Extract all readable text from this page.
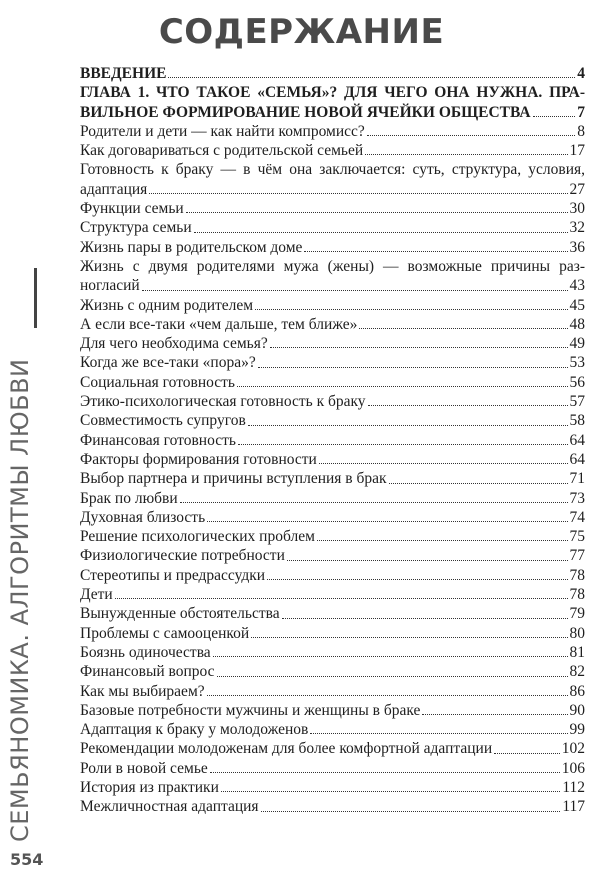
СОДЕРЖАНИЕ
СЕМЬЯНОМИКА. АЛГОРИТМЫ ЛЮБВИ
554
ВВЕДЕНИЕ	4
ГЛАВА 1. ЧТО ТАКОЕ «СЕМЬЯ»? ДЛЯ ЧЕГО ОНА НУЖНА. ПРА-
ВИЛЬНОЕ ФОРМИРОВАНИЕ НОВОЙ ЯЧЕЙКИ ОБЩЕСТВА	7
Родители и дети — как найти компромисс?	8
Как договариваться с родительской семьей	17
Готовность к браку — в чём она заключается: суть, структура, условия,
адаптация	27
Функции семьи	30
Структура семьи	32
Жизнь пары в родительском доме	36
Жизнь с двумя родителями мужа (жены) — возможные причины раз-
ногласий	43
Жизнь с одним родителем	45
А если все-таки «чем дальше, тем ближе»	48
Для чего необходима семья?	49
Когда же все-таки «пора»?	53
Социальная готовность	56
Этико-психологическая готовность к браку	57
Совместимость супругов	58
Финансовая готовность	64
Факторы формирования готовности	64
Выбор партнера и причины вступления в брак	71
Брак по любви	73
Духовная близость	74
Решение психологических проблем	75
Физиологические потребности	77
Стереотипы и предрассудки	78
Дети	78
Вынужденные обстоятельства	79
Проблемы с самооценкой	80
Боязнь одиночества	81
Финансовый вопрос	82
Как мы выбираем?	86
Базовые потребности мужчины и женщины в браке	90
Адаптация к браку у молодоженов	99
Рекомендации молодоженам для более комфортной адаптации	102
Роли в новой семье	106
История из практики	112
Межличностная адаптация	117
